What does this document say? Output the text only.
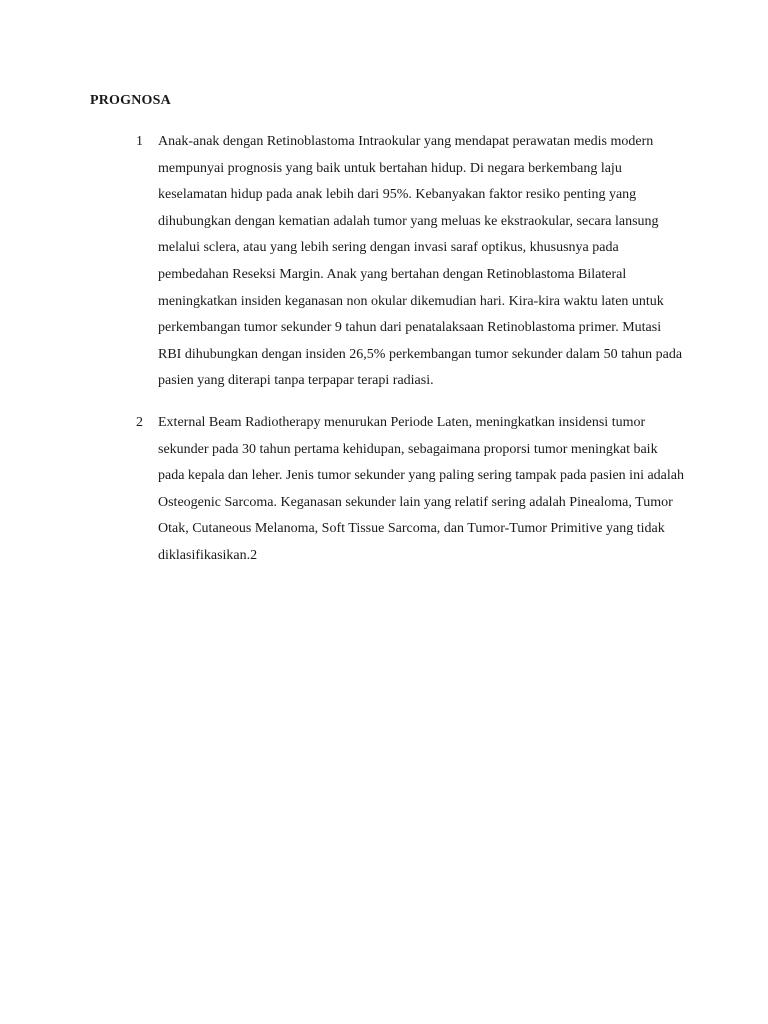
PROGNOSA
1	Anak-anak dengan Retinoblastoma Intraokular yang mendapat perawatan medis modern mempunyai prognosis yang baik untuk bertahan hidup. Di negara berkembang laju keselamatan hidup pada anak lebih dari 95%. Kebanyakan faktor resiko penting yang dihubungkan dengan kematian adalah tumor yang meluas ke ekstraokular, secara lansung melalui sclera, atau yang lebih sering dengan invasi saraf optikus, khususnya pada pembedahan Reseksi Margin. Anak yang bertahan dengan Retinoblastoma Bilateral meningkatkan insiden keganasan non okular dikemudian hari. Kira-kira waktu laten untuk perkembangan tumor sekunder 9 tahun dari penatalaksaan Retinoblastoma primer. Mutasi RBI dihubungkan dengan insiden 26,5% perkembangan tumor sekunder dalam 50 tahun pada pasien yang diterapi tanpa terpapar terapi radiasi.
2	External Beam Radiotherapy menurukan Periode Laten, meningkatkan insidensi tumor sekunder pada 30 tahun pertama kehidupan, sebagaimana proporsi tumor meningkat baik pada kepala dan leher. Jenis tumor sekunder yang paling sering tampak pada pasien ini adalah Osteogenic Sarcoma. Keganasan sekunder lain yang relatif sering adalah Pinealoma, Tumor Otak, Cutaneous Melanoma, Soft Tissue Sarcoma, dan Tumor-Tumor Primitive yang tidak diklasifikasikan.2
